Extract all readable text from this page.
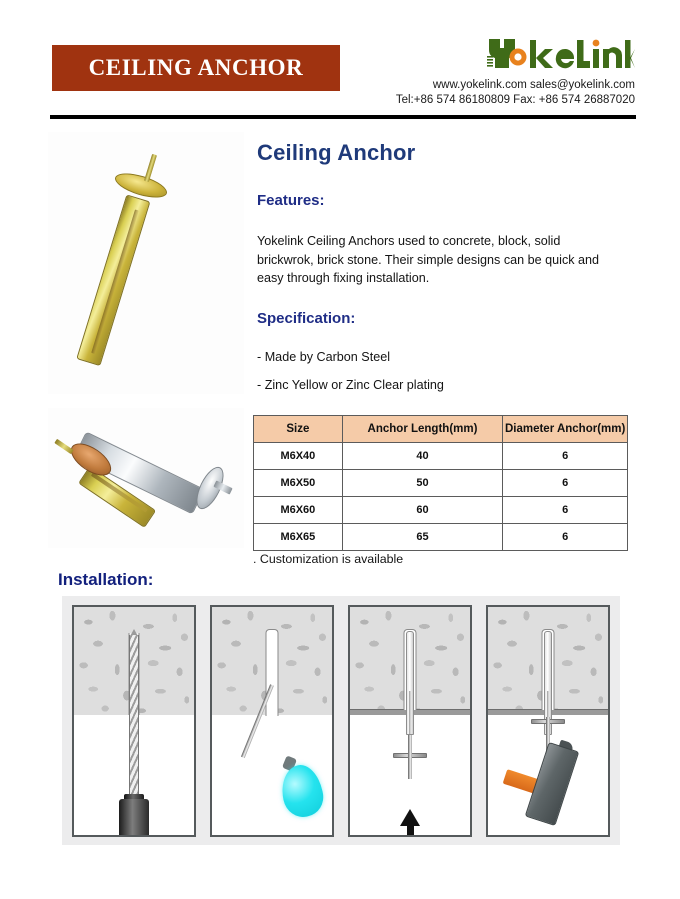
CEILING ANCHOR
www.yokelink.com sales@yokelink.com
Tel:+86 574 86180809 Fax: +86 574 26887020
Ceiling Anchor
Features:
Yokelink Ceiling Anchors used to concrete, block, solid brickwrok, brick stone. Their simple designs can be quick and easy through fixing installation.
Specification:
- Made by Carbon Steel
- Zinc Yellow or Zinc Clear plating
Size	Anchor Length(mm)	Diameter Anchor(mm)
M6X40	40	6
M6X50	50	6
M6X60	60	6
M6X65	65	6
. Customization is available
Installation:
